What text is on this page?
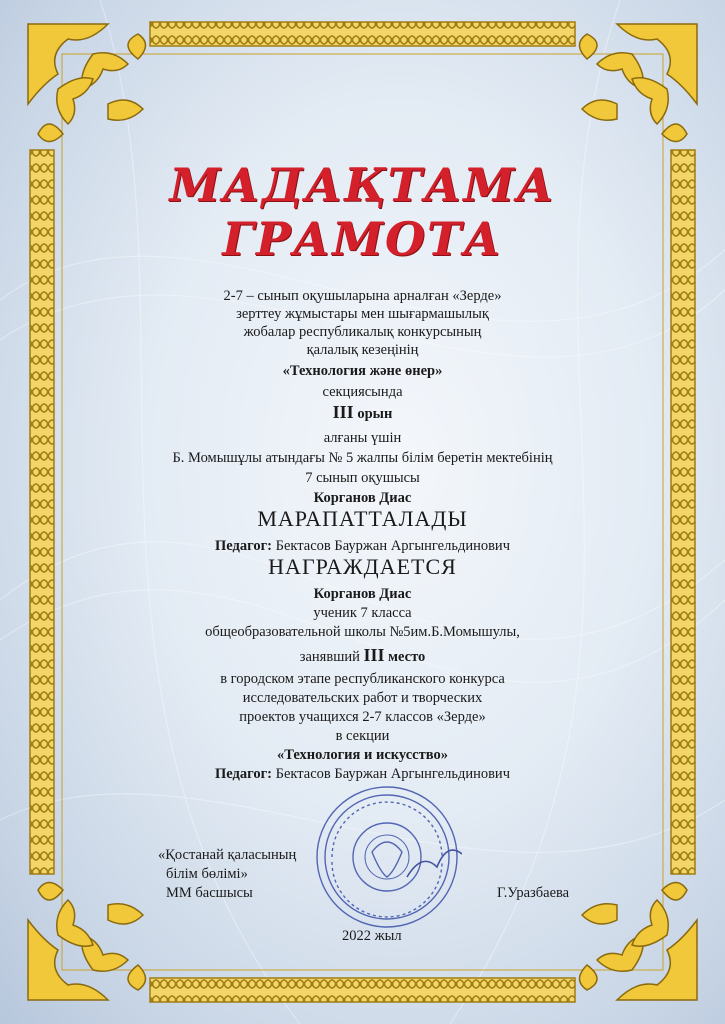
МАДАҚТАМА
ГРАМОТА
2-7 – сынып оқушыларына арналған «Зерде»
зерттеу жұмыстары мен шығармашылық
жобалар республикалық конкурсының
қалалық кезеңінің
«Технология және өнер»
секциясында
III орын
алғаны үшін
Б. Момышұлы атындағы № 5 жалпы білім беретін мектебінің
7 сынып оқушысы
Корганов Диас
МАРАПАТТАЛАДЫ
Педагог: Бектасов Бауржан Аргынгельдинович
НАГРАЖДАЕТСЯ
Корганов Диас
ученик 7 класса
общеобразовательной школы №5им.Б.Момышулы,
занявший III место
в городском этапе республиканского конкурса
исследовательских работ и творческих
проектов учащихся 2-7 классов «Зерде»
в секции
«Технология и искусство»
Педагог: Бектасов Бауржан Аргынгельдинович
«Қостанай қаласының
білім бөлімі»
ММ басшысы	Г.Уразбаева
2022 жыл
